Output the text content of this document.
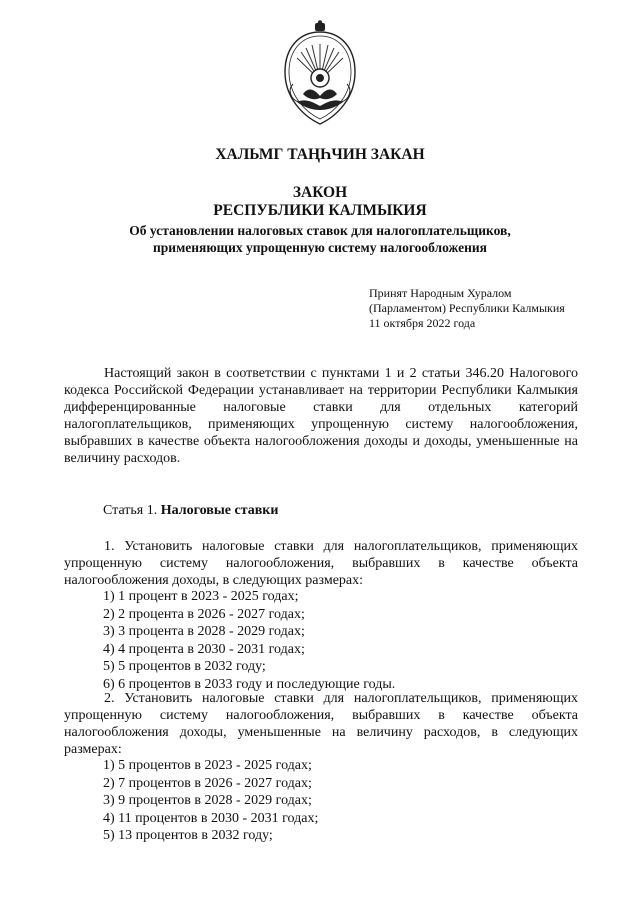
ХАЛЬМГ ТАҢҺЧИН ЗАКАН
ЗАКОН
РЕСПУБЛИКИ КАЛМЫКИЯ
Об установлении налоговых ставок для налогоплательщиков,
применяющих упрощенную систему налогообложения
Принят Народным Хуралом
(Парламентом) Республики Калмыкия
11 октября 2022 года

Настоящий закон в соответствии с пунктами 1 и 2 статьи 346.20 Налогового кодекса Российской Федерации устанавливает на территории Республики Калмыкия дифференцированные налоговые ставки для отдельных категорий налогоплательщиков, применяющих упрощенную систему налогообложения, выбравших в качестве объекта налогообложения доходы и доходы, уменьшенные на величину расходов.

Статья 1. Налоговые ставки

1. Установить налоговые ставки для налогоплательщиков, применяющих упрощенную систему налогообложения, выбравших в качестве объекта налогообложения доходы, в следующих размерах:

1) 1 процент в 2023 - 2025 годах;
2) 2 процента в 2026 - 2027 годах;
3) 3 процента в 2028 - 2029 годах;
4) 4 процента в 2030 - 2031 годах;
5) 5 процентов в 2032 году;
6) 6 процентов в 2033 году и последующие годы.

2. Установить налоговые ставки для налогоплательщиков, применяющих упрощенную систему налогообложения, выбравших в качестве объекта налогообложения доходы, уменьшенные на величину расходов, в следующих размерах:

1) 5 процентов в 2023 - 2025 годах;
2) 7 процентов в 2026 - 2027 годах;
3) 9 процентов в 2028 - 2029 годах;
4) 11 процентов в 2030 - 2031 годах;
5) 13 процентов в 2032 году;
